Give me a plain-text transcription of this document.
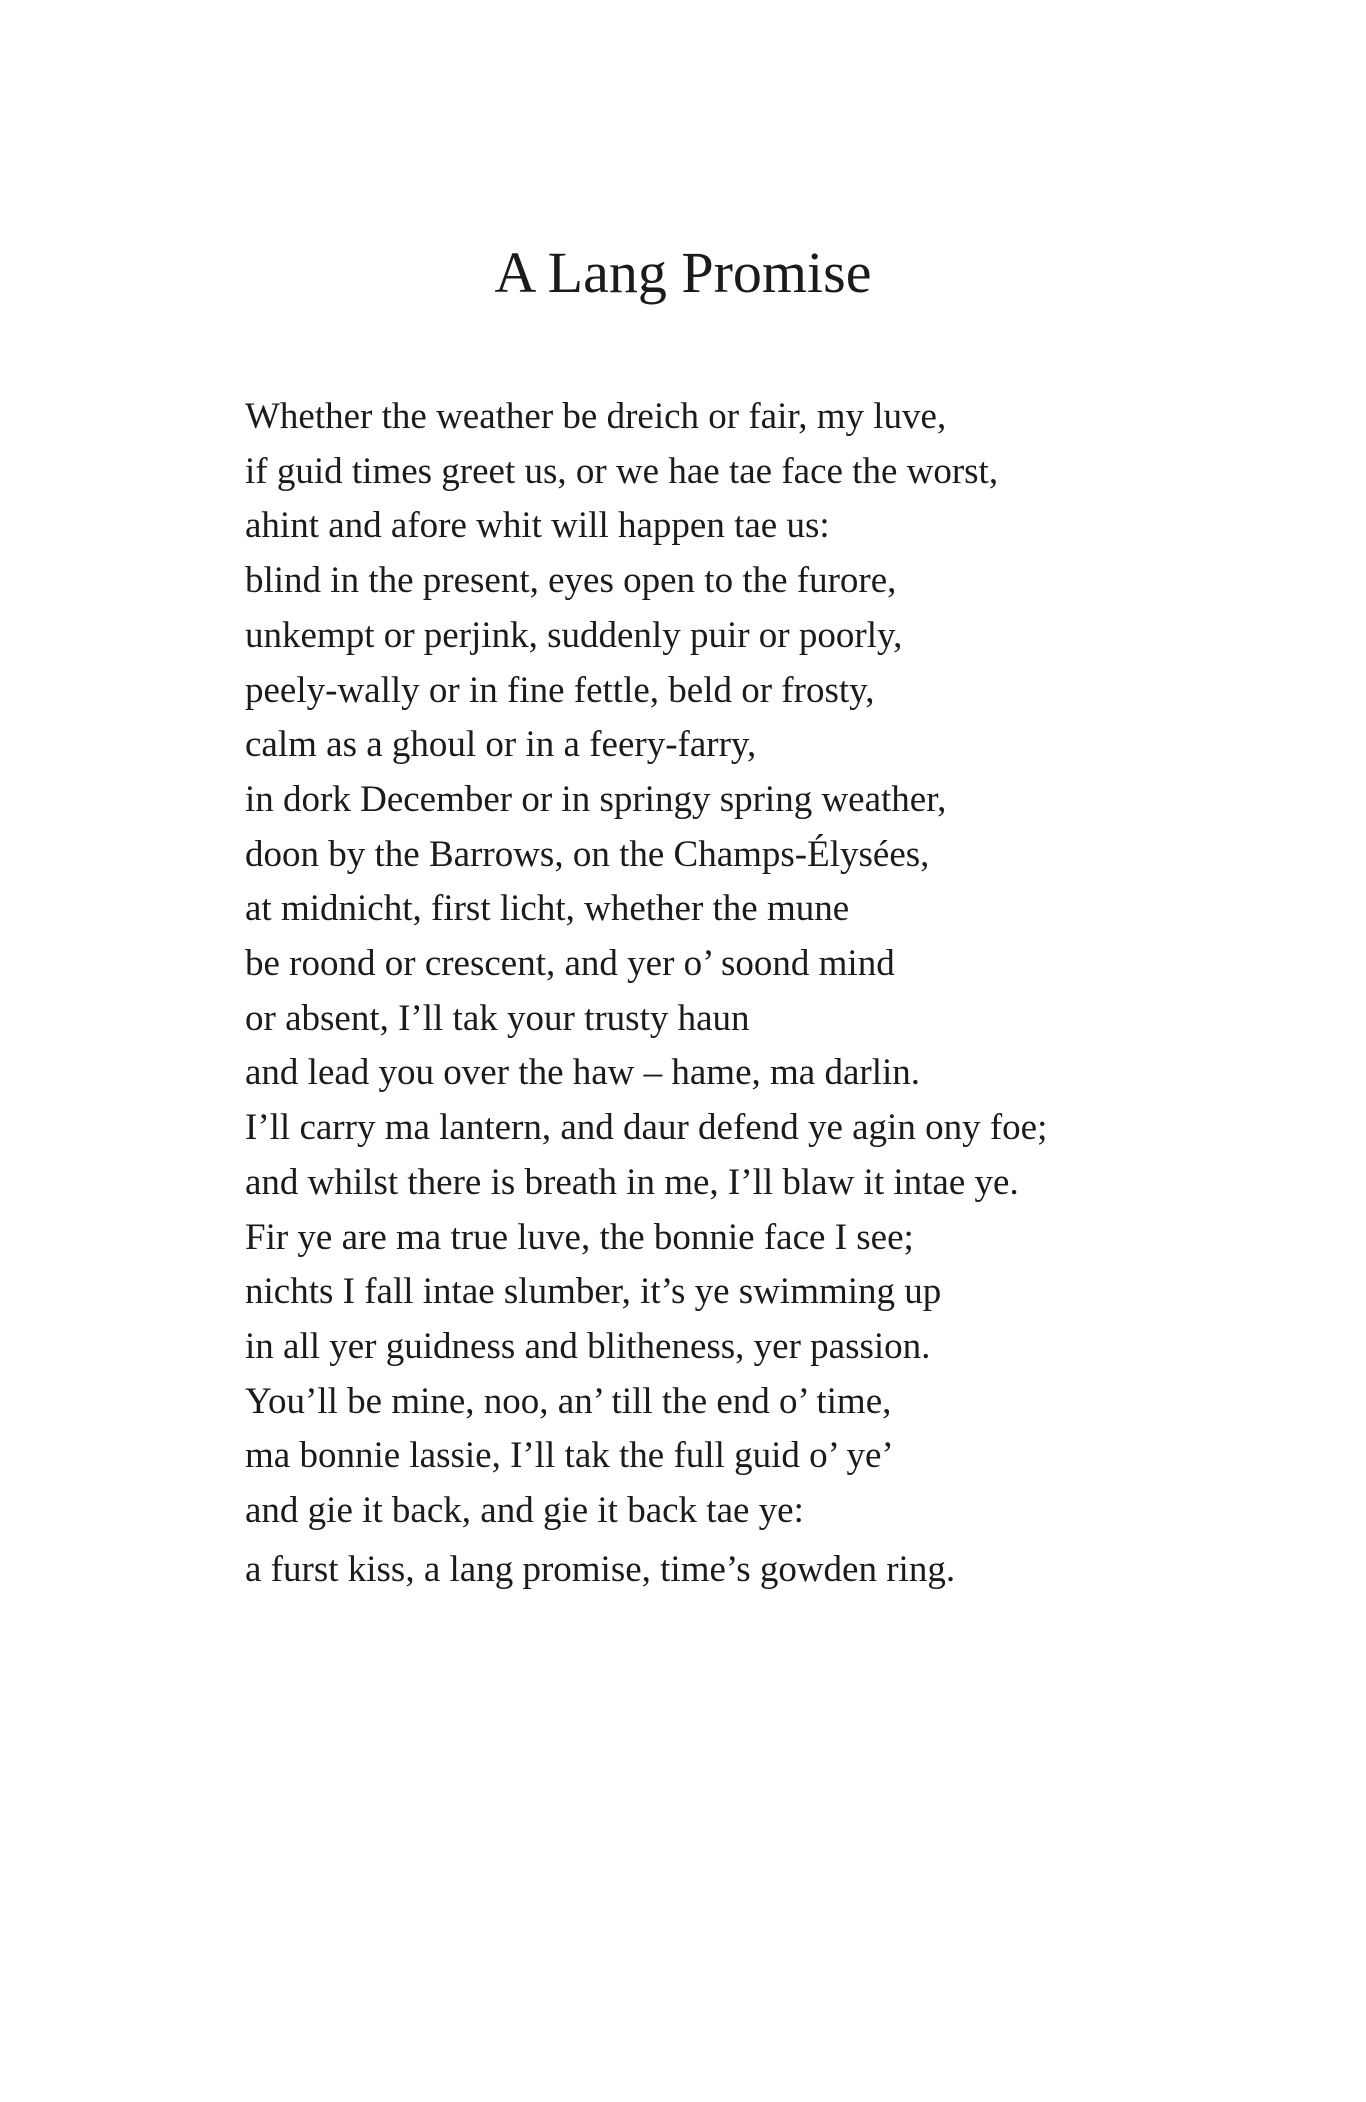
A Lang Promise
Whether the weather be dreich or fair, my luve,
if guid times greet us, or we hae tae face the worst,
ahint and afore whit will happen tae us:
blind in the present, eyes open to the furore,
unkempt or perjink, suddenly puir or poorly,
peely-wally or in fine fettle, beld or frosty,
calm as a ghoul or in a feery-farry,
in dork December or in springy spring weather,
doon by the Barrows, on the Champs-Élysées,
at midnicht, first licht, whether the mune
be roond or crescent, and yer o’ soond mind
or absent, I’ll tak your trusty haun
and lead you over the haw – hame, ma darlin.
I’ll carry ma lantern, and daur defend ye agin ony foe;
and whilst there is breath in me, I’ll blaw it intae ye.
Fir ye are ma true luve, the bonnie face I see;
nichts I fall intae slumber, it’s ye swimming up
in all yer guidness and blitheness, yer passion.
You’ll be mine, noo, an’ till the end o’ time,
ma bonnie lassie, I’ll tak the full guid o’ ye’
and gie it back, and gie it back tae ye:
a furst kiss, a lang promise, time’s gowden ring.
